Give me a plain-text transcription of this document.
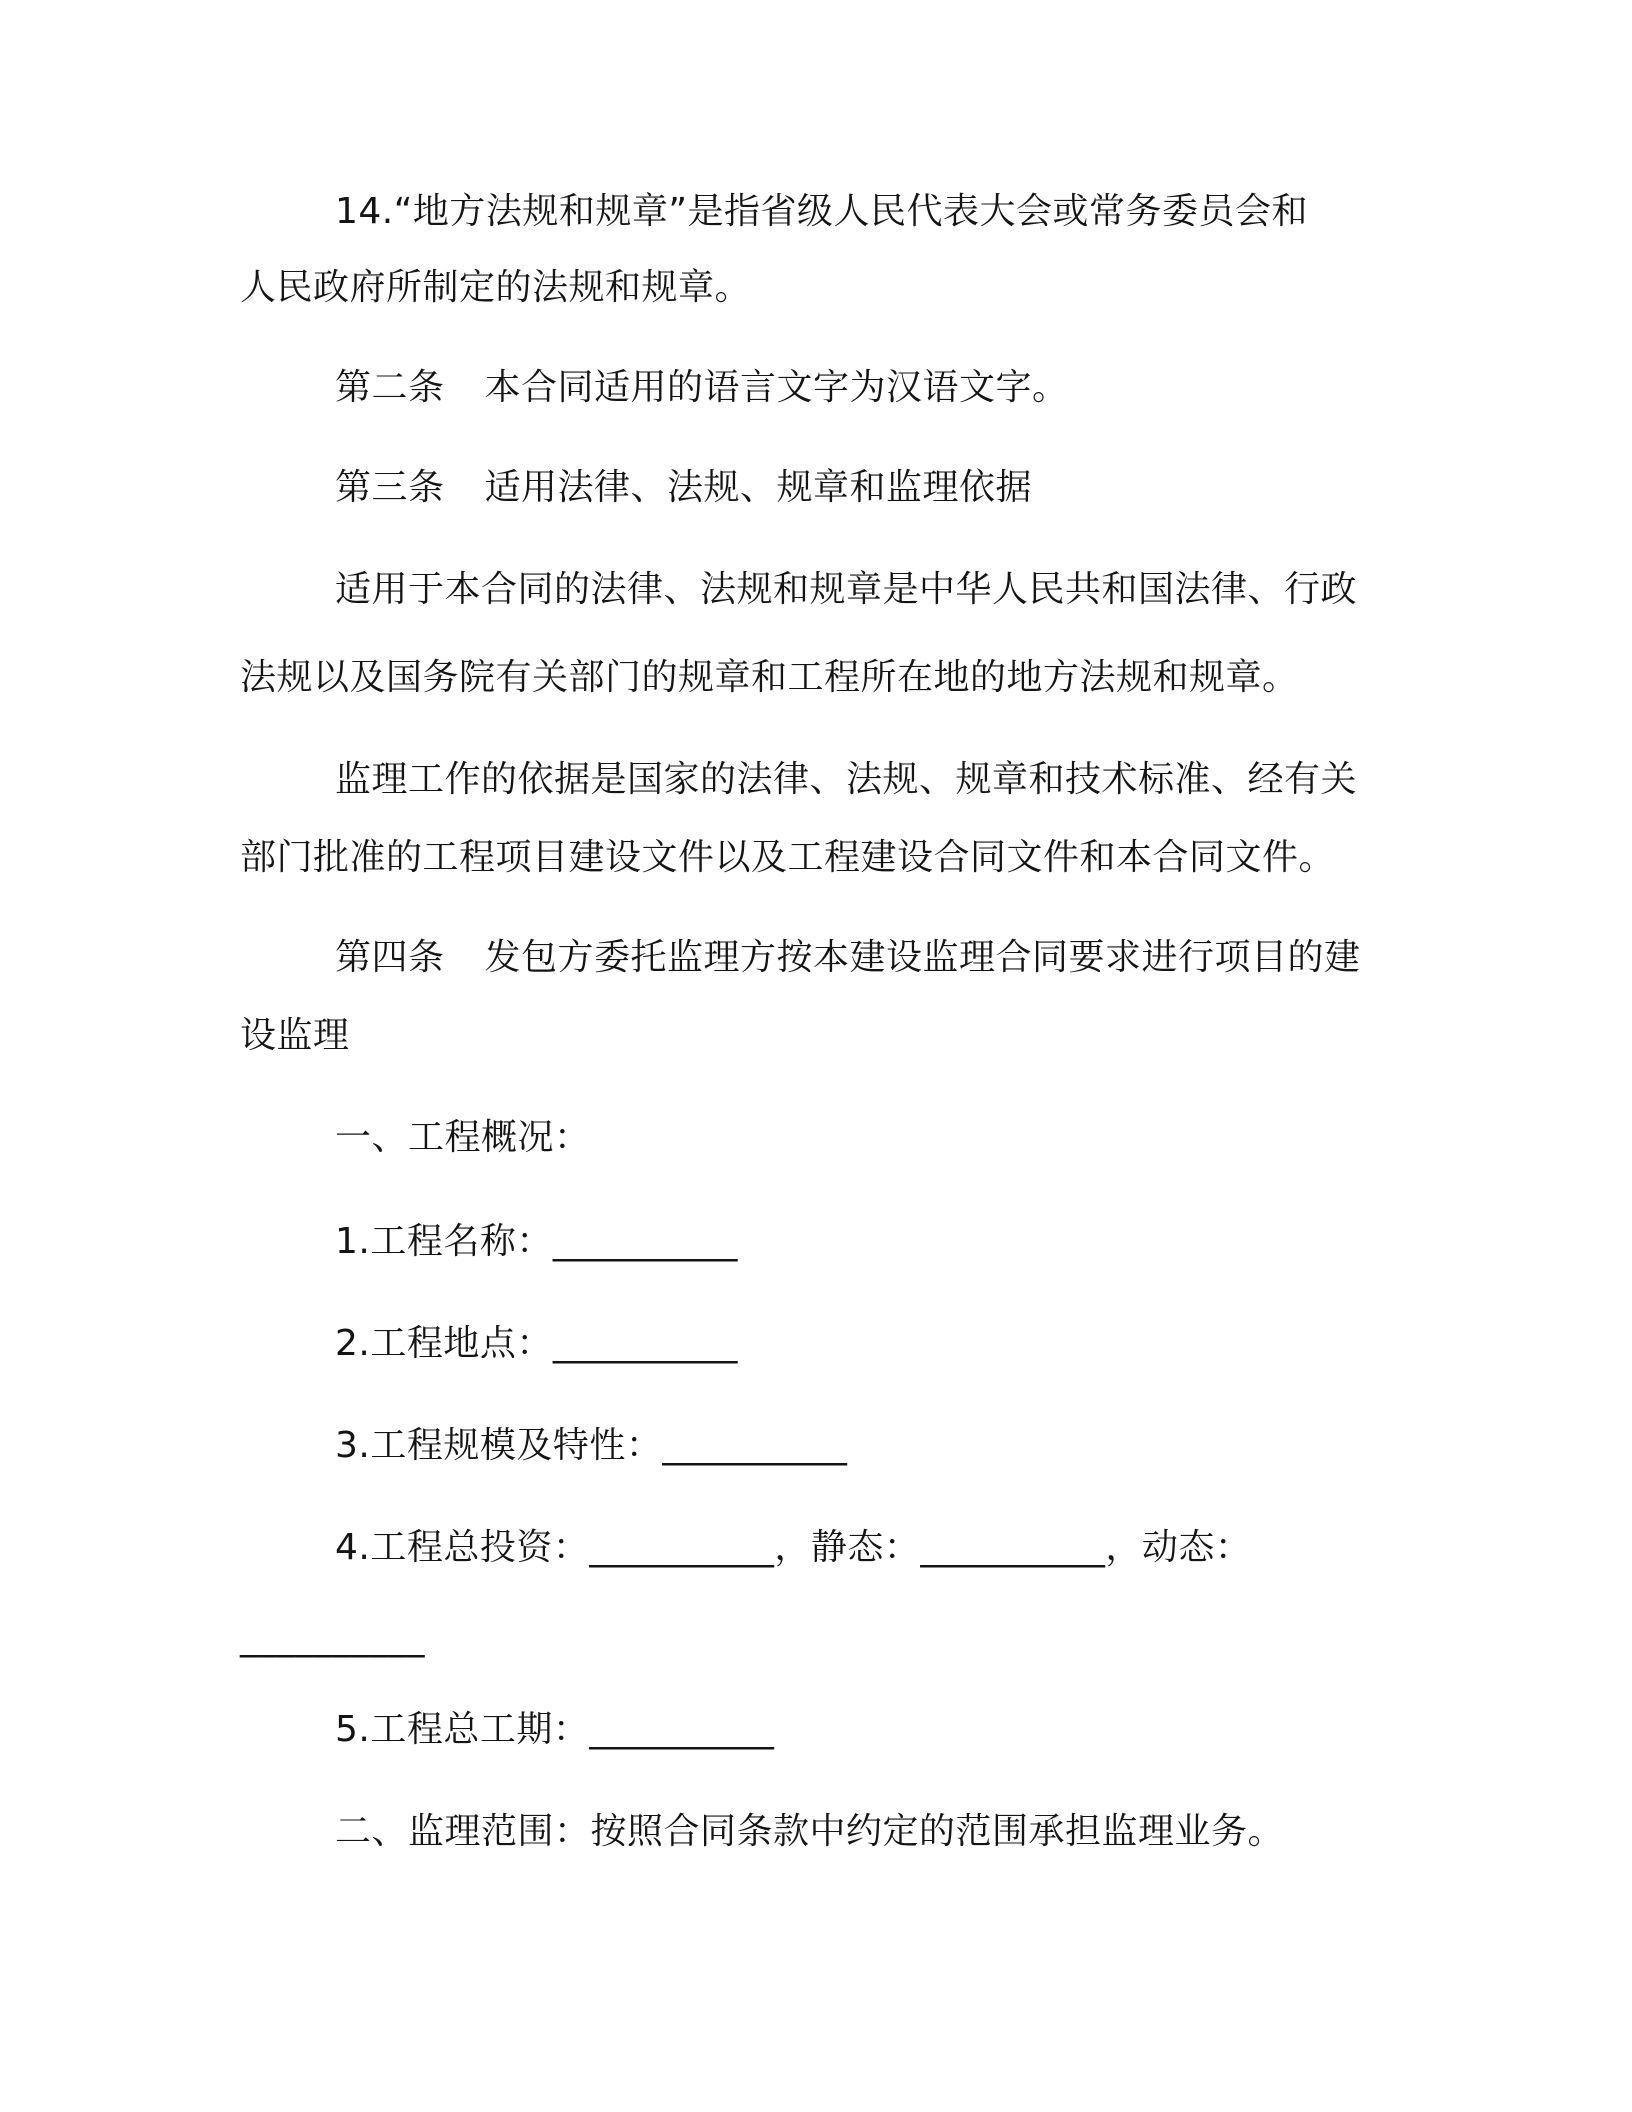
14.“地方法规和规章”是指省级人民代表大会或常务委员会和
人民政府所制定的法规和规章。
第二条 本合同适用的语言文字为汉语文字。
第三条 适用法律、法规、规章和监理依据
适用于本合同的法律、法规和规章是中华人民共和国法律、行政
法规以及国务院有关部门的规章和工程所在地的地方法规和规章。
监理工作的依据是国家的法律、法规、规章和技术标准、经有关
部门批准的工程项目建设文件以及工程建设合同文件和本合同文件。
第四条 发包方委托监理方按本建设监理合同要求进行项目的建
设监理
一、工程概况：
1.工程名称：__________
2.工程地点：__________
3.工程规模及特性：__________
4.工程总投资：__________，静态：__________，动态：
__________
5.工程总工期：__________
二、监理范围：按照合同条款中约定的范围承担监理业务。
